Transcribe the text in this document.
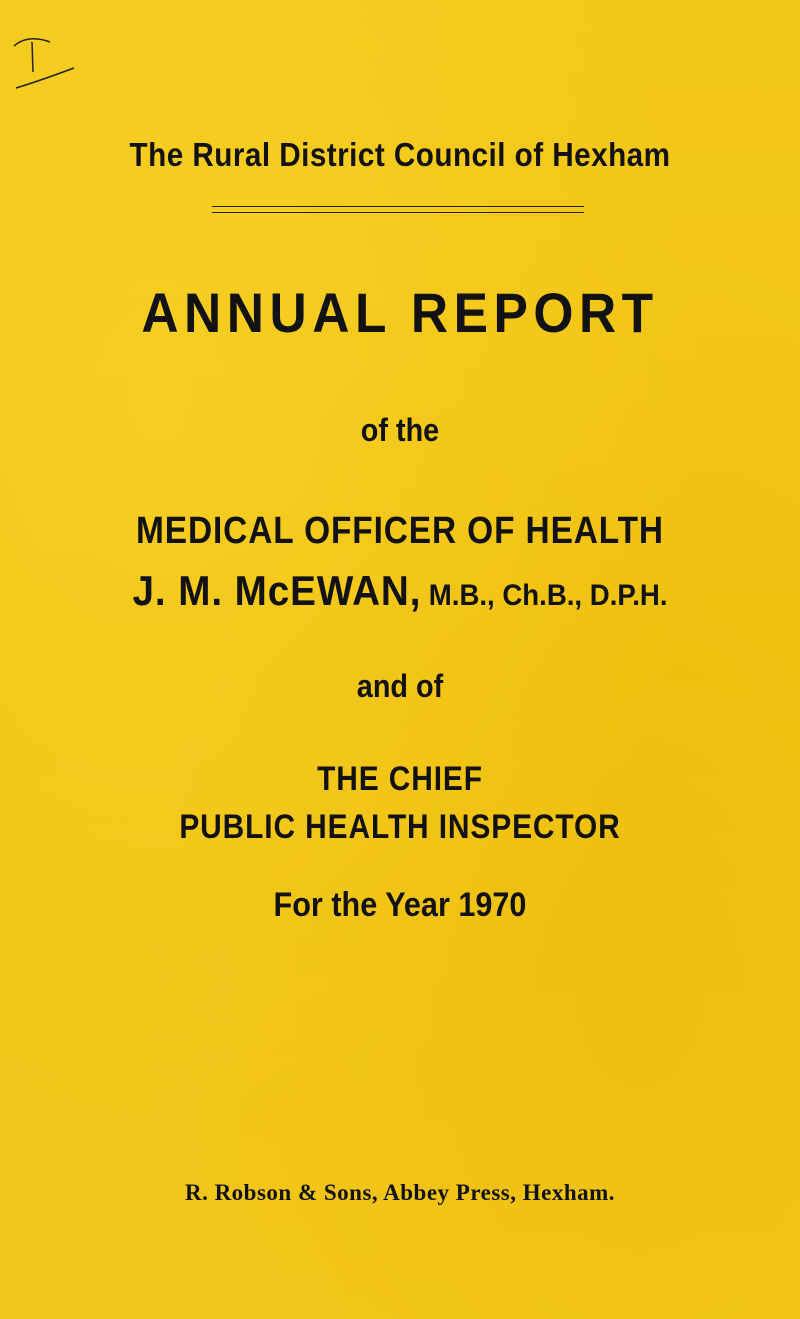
The Rural District Council of Hexham
ANNUAL REPORT
of the
MEDICAL OFFICER OF HEALTH
J. M. McEWAN, M.B., Ch.B., D.P.H.
and of
THE CHIEF
PUBLIC HEALTH INSPECTOR
For the Year 1970
R. Robson & Sons, Abbey Press, Hexham.
